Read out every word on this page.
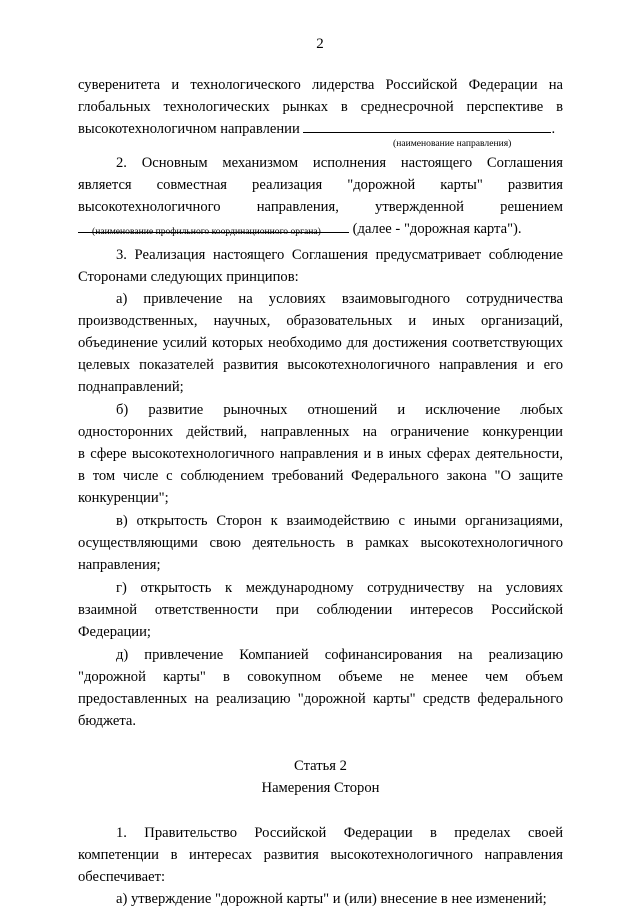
2
суверенитета и технологического лидерства Российской Федерации на
глобальных технологических рынках в среднесрочной перспективе в
высокотехнологичном направлении	.
(наименование направления)
2. Основным механизмом исполнения настоящего Соглашения
является совместная реализация "дорожной карты" развития
высокотехнологичного направления, утвержденной решением
(далее - "дорожная карта").
(наименование профильного координационного органа)
3. Реализация настоящего Соглашения предусматривает соблюдение
Сторонами следующих принципов:
а) привлечение на условиях взаимовыгодного сотрудничества
производственных, научных, образовательных и иных организаций,
объединение усилий которых необходимо для достижения соответствующих
целевых показателей развития высокотехнологичного направления и его
поднаправлений;
б) развитие рыночных отношений и исключение любых
односторонних действий, направленных на ограничение конкуренции
в сфере высокотехнологичного направления и в иных сферах деятельности,
в том числе с соблюдением требований Федерального закона "О защите
конкуренции";
в) открытость Сторон к взаимодействию с иными организациями,
осуществляющими свою деятельность в рамках высокотехнологичного
направления;
г) открытость к международному сотрудничеству на условиях
взаимной ответственности при соблюдении интересов Российской
Федерации;
д) привлечение Компанией софинансирования на реализацию
"дорожной карты" в совокупном объеме не менее чем объем
предоставленных на реализацию "дорожной карты" средств федерального
бюджета.
Статья 2
Намерения Сторон
1. Правительство Российской Федерации в пределах своей
компетенции в интересах развития высокотехнологичного направления
обеспечивает:
а) утверждение "дорожной карты" и (или) внесение в нее изменений;
